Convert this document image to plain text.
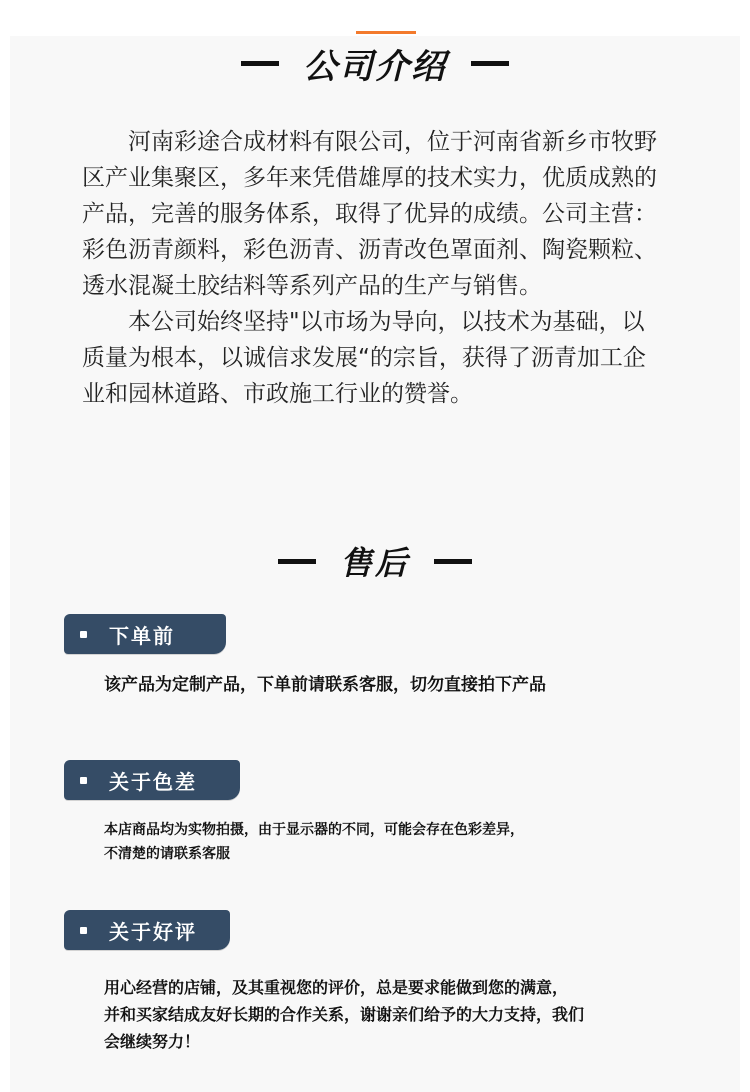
公司介绍

河南彩途合成材料有限公司，位于河南省新乡市牧野区产业集聚区，多年来凭借雄厚的技术实力，优质成熟的产品，完善的服务体系，取得了优异的成绩。公司主营：彩色沥青颜料，彩色沥青、沥青改色罩面剂、陶瓷颗粒、透水混凝土胶结料等系列产品的生产与销售。

本公司始终坚持"以市场为导向，以技术为基础，以质量为根本，以诚信求发展“的宗旨，获得了沥青加工企业和园林道路、市政施工行业的赞誉。

售后
下单前
该产品为定制产品，下单前请联系客服，切勿直接拍下产品
关于色差
本店商品均为实物拍摄，由于显示器的不同，可能会存在色彩差异，
不清楚的请联系客服
关于好评
用心经营的店铺，及其重视您的评价，总是要求能做到您的满意，
并和买家结成友好长期的合作关系，谢谢亲们给予的大力支持，我们
会继续努力！
